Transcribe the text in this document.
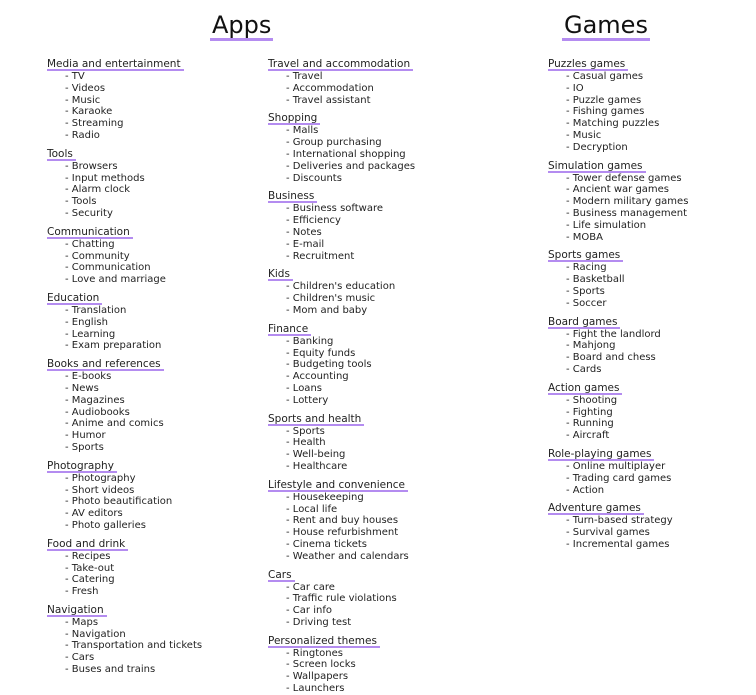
Apps	Games
Media and entertainment
- TV
- Videos
- Music
- Karaoke
- Streaming
- Radio
Tools
- Browsers
- Input methods
- Alarm clock
- Tools
- Security
Communication
- Chatting
- Community
- Communication
- Love and marriage
Education
- Translation
- English
- Learning
- Exam preparation
Books and references
- E-books
- News
- Magazines
- Audiobooks
- Anime and comics
- Humor
- Sports
Photography
- Photography
- Short videos
- Photo beautification
- AV editors
- Photo galleries
Food and drink
- Recipes
- Take-out
- Catering
- Fresh
Navigation
- Maps
- Navigation
- Transportation and tickets
- Cars
- Buses and trains
Travel and accommodation
- Travel
- Accommodation
- Travel assistant
Shopping
- Malls
- Group purchasing
- International shopping
- Deliveries and packages
- Discounts
Business
- Business software
- Efficiency
- Notes
- E-mail
- Recruitment
Kids
- Children's education
- Children's music
- Mom and baby
Finance
- Banking
- Equity funds
- Budgeting tools
- Accounting
- Loans
- Lottery
Sports and health
- Sports
- Health
- Well-being
- Healthcare
Lifestyle and convenience
- Housekeeping
- Local life
- Rent and buy houses
- House refurbishment
- Cinema tickets
- Weather and calendars
Cars
- Car care
- Traffic rule violations
- Car info
- Driving test
Personalized themes
- Ringtones
- Screen locks
- Wallpapers
- Launchers
Puzzles games
- Casual games
- IO
- Puzzle games
- Fishing games
- Matching puzzles
- Music
- Decryption
Simulation games
- Tower defense games
- Ancient war games
- Modern military games
- Business management
- Life simulation
- MOBA
Sports games
- Racing
- Basketball
- Sports
- Soccer
Board games
- Fight the landlord
- Mahjong
- Board and chess
- Cards
Action games
- Shooting
- Fighting
- Running
- Aircraft
Role-playing games
- Online multiplayer
- Trading card games
- Action
Adventure games
- Turn-based strategy
- Survival games
- Incremental games
